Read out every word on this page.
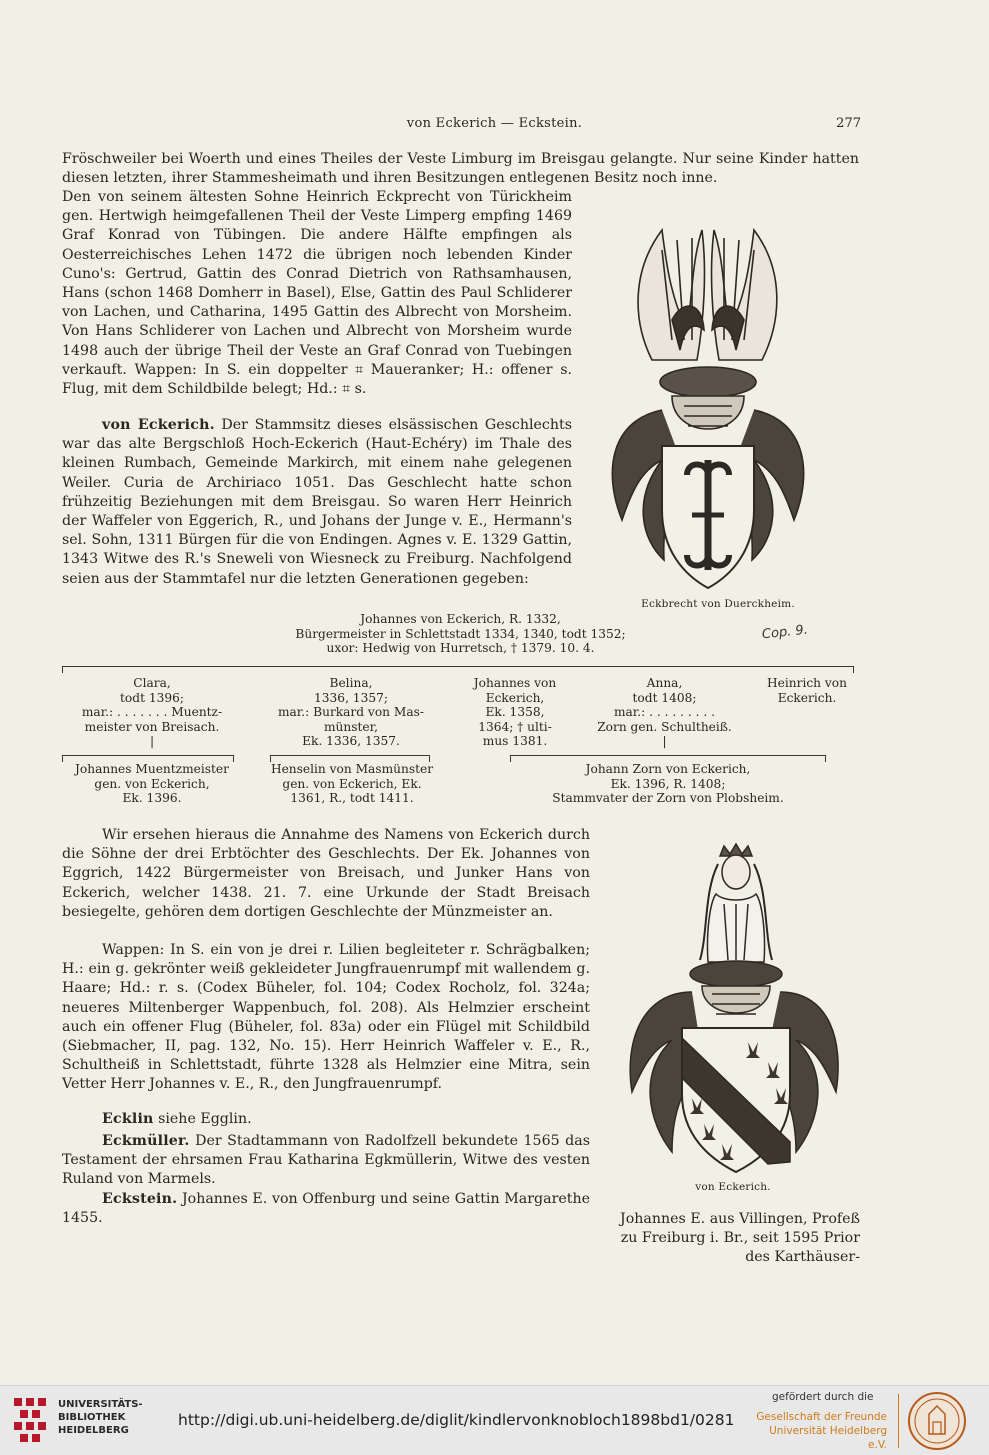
von Eckerich — Eckstein.	277

Fröschweiler bei Woerth und eines Theiles der Veste Limburg im Breisgau gelangte. Nur seine Kinder hatten diesen letzten, ihrer Stammesheimath und ihren Besitzungen entlegenen Besitz noch inne.

Den von seinem ältesten Sohne Heinrich Eckprecht von Türickheim gen. Hertwigh heimgefallenen Theil der Veste Limperg empfing 1469 Graf Konrad von Tübingen. Die andere Hälfte empfingen als Oesterreichisches Lehen 1472 die übrigen noch lebenden Kinder Cuno's: Gertrud, Gattin des Conrad Dietrich von Rathsamhausen, Hans (schon 1468 Domherr in Basel), Else, Gattin des Paul Schliderer von Lachen, und Catharina, 1495 Gattin des Albrecht von Morsheim. Von Hans Schliderer von Lachen und Albrecht von Morsheim wurde 1498 auch der übrige Theil der Veste an Graf Conrad von Tuebingen verkauft. Wappen: In S. ein doppelter ⌗ Maueranker; H.: offener s. Flug, mit dem Schildbilde belegt; Hd.: ⌗ s.

von Eckerich. Der Stammsitz dieses elsässischen Geschlechts war das alte Bergschloß Hoch-Eckerich (Haut-Echéry) im Thale des kleinen Rumbach, Gemeinde Markirch, mit einem nahe gelegenen Weiler. Curia de Archiriaco 1051. Das Geschlecht hatte schon frühzeitig Beziehungen mit dem Breisgau. So waren Herr Heinrich der Waffeler von Eggerich, R., und Johans der Junge v. E., Hermann's sel. Sohn, 1311 Bürgen für die von Endingen. Agnes v. E. 1329 Gattin, 1343 Witwe des R.'s Sneweli von Wiesneck zu Freiburg. Nachfolgend seien aus der Stammtafel nur die letzten Generationen gegeben:

Eckbrecht von Duerckheim.
Johannes von Eckerich, R. 1332,
Bürgermeister in Schlettstadt 1334, 1340, todt 1352;
uxor: Hedwig von Hurretsch, † 1379. 10. 4.
Cop. 9.
Clara,
todt 1396;
mar.: . . . . . . . Muentz-
meister von Breisach.
|
Belina,
1336, 1357;
mar.: Burkard von Mas-
münster,
Ek. 1336, 1357.
Johannes von
Eckerich,
Ek. 1358,
1364; † ulti-
mus 1381.
Anna,
todt 1408;
mar.: . . . . . . . . .
Zorn gen. Schultheiß.
|
Heinrich von
Eckerich.
Johannes Muentzmeister
gen. von Eckerich,
Ek. 1396.
Henselin von Masmünster
gen. von Eckerich, Ek.
1361, R., todt 1411.
Johann Zorn von Eckerich,
Ek. 1396, R. 1408;
Stammvater der Zorn von Plobsheim.

Wir ersehen hieraus die Annahme des Namens von Eckerich durch die Söhne der drei Erbtöchter des Geschlechts. Der Ek. Johannes von Eggrich, 1422 Bürgermeister von Breisach, und Junker Hans von Eckerich, welcher 1438. 21. 7. eine Urkunde der Stadt Breisach besiegelte, gehören dem dortigen Geschlechte der Münzmeister an.

Wappen: In S. ein von je drei r. Lilien begleiteter r. Schrägbalken; H.: ein g. gekrönter weiß gekleideter Jungfrauenrumpf mit wallendem g. Haare; Hd.: r. s. (Codex Büheler, fol. 104; Codex Rocholz, fol. 324a; neueres Miltenberger Wappenbuch, fol. 208). Als Helmzier erscheint auch ein offener Flug (Büheler, fol. 83a) oder ein Flügel mit Schildbild (Siebmacher, II, pag. 132, No. 15). Herr Heinrich Waffeler v. E., R., Schultheiß in Schlettstadt, führte 1328 als Helmzier eine Mitra, sein Vetter Herr Johannes v. E., R., den Jungfrauenrumpf.

Ecklin siehe Egglin.

Eckmüller. Der Stadtammann von Radolfzell bekundete 1565 das Testament der ehrsamen Frau Katharina Egkmüllerin, Witwe des vesten Ruland von Marmels.

Eckstein. Johannes E. von Offenburg und seine Gattin Margarethe 1455.	Johannes E. aus Villingen, Profeß zu Freiburg i. Br., seit 1595 Prior des Karthäuser-

von Eckerich.
UNIVERSITÄTS-
BIBLIOTHEK
HEIDELBERG
http://digi.ub.uni-heidelberg.de/diglit/kindlervonknobloch1898bd1/0281
gefördert durch die
Gesellschaft der Freunde
Universität Heidelberg e.V.
